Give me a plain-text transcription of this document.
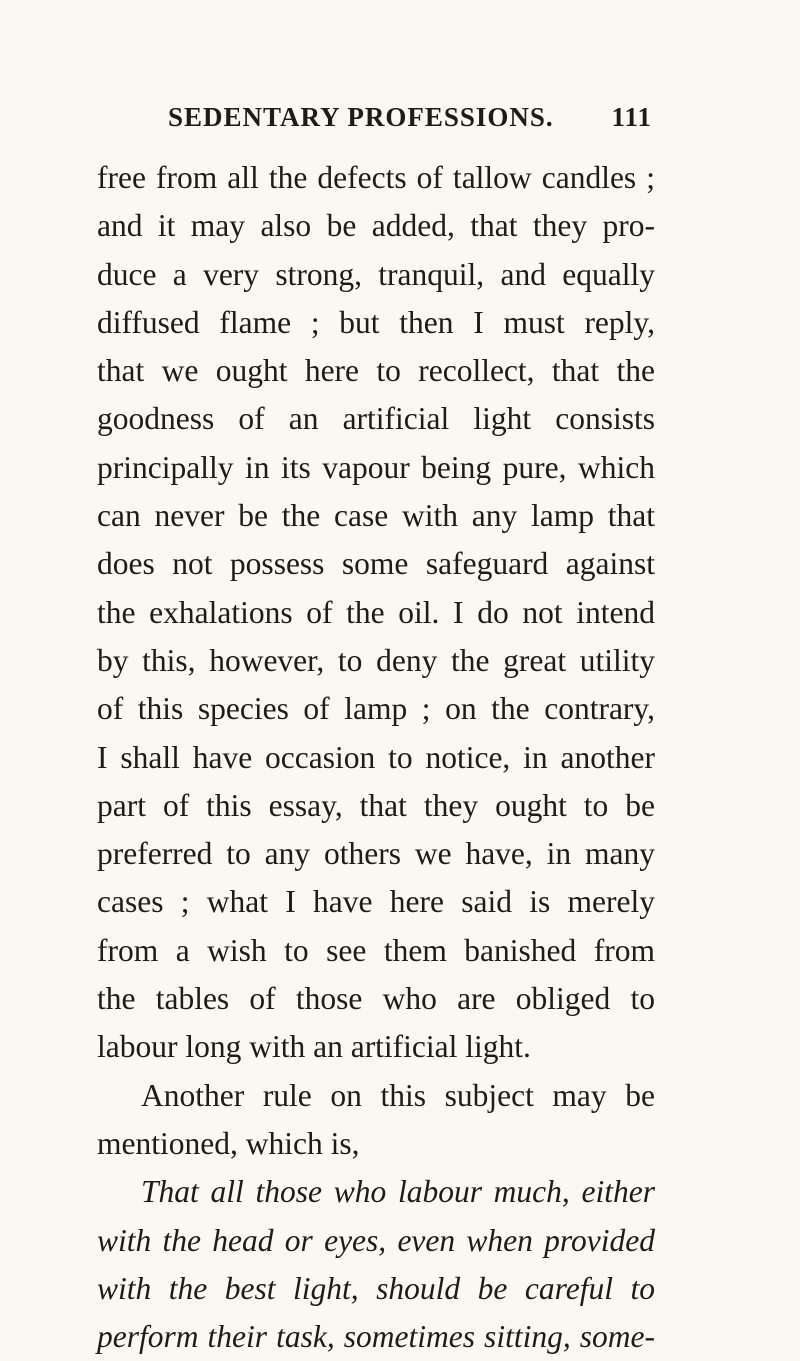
SEDENTARY PROFESSIONS. 111
free from all the defects of tallow candles ;
and it may also be added, that they pro-
duce a very strong, tranquil, and equally
diffused flame ; but then I must reply,
that we ought here to recollect, that the
goodness of an artificial light consists
principally in its vapour being pure, which
can never be the case with any lamp that
does not possess some safeguard against
the exhalations of the oil. I do not intend
by this, however, to deny the great utility
of this species of lamp ; on the contrary,
I shall have occasion to notice, in another
part of this essay, that they ought to be
preferred to any others we have, in many
cases ; what I have here said is merely
from a wish to see them banished from
the tables of those who are obliged to
labour long with an artificial light.
Another rule on this subject may be
mentioned, which is,
That all those who labour much, either
with the head or eyes, even when provided
with the best light, should be careful to
perform their task, sometimes sitting, some-
